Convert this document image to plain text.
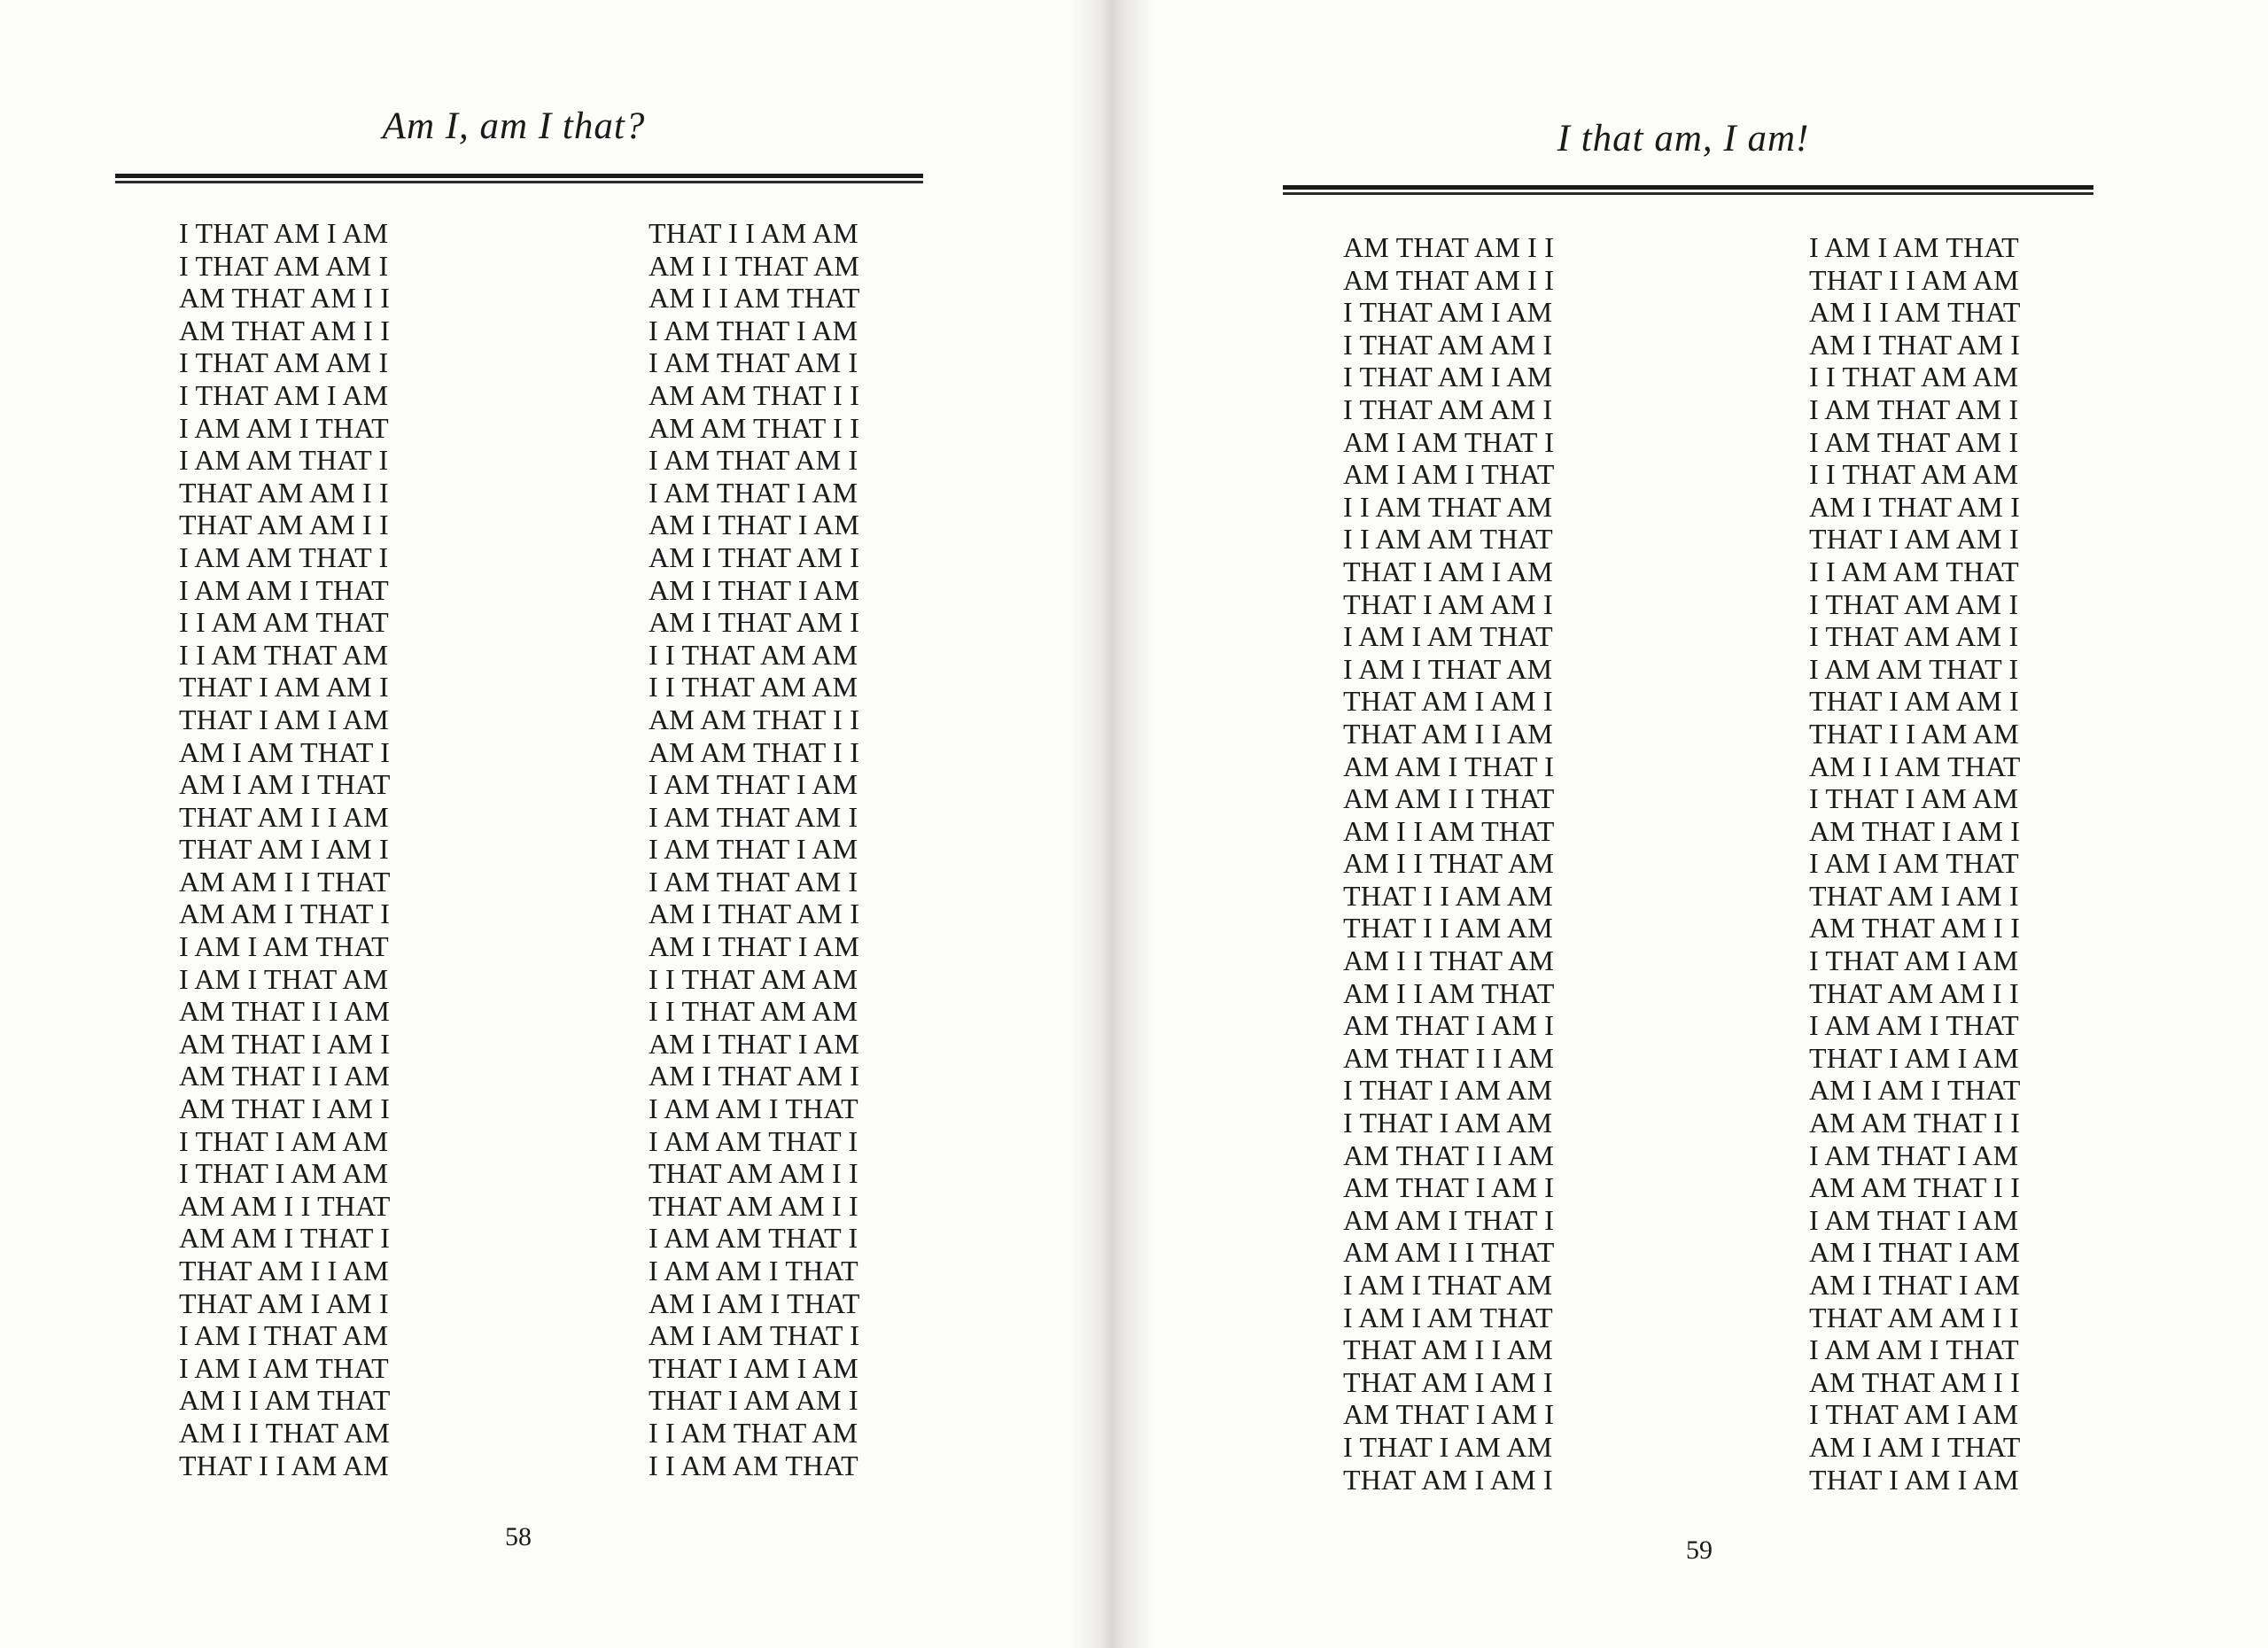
Am I, am I that?
I THAT AM I AM
I THAT AM AM I
AM THAT AM I I
AM THAT AM I I
I THAT AM AM I
I THAT AM I AM
I AM AM I THAT
I AM AM THAT I
THAT AM AM I I
THAT AM AM I I
I AM AM THAT I
I AM AM I THAT
I I AM AM THAT
I I AM THAT AM
THAT I AM AM I
THAT I AM I AM
AM I AM THAT I
AM I AM I THAT
THAT AM I I AM
THAT AM I AM I
AM AM I I THAT
AM AM I THAT I
I AM I AM THAT
I AM I THAT AM
AM THAT I I AM
AM THAT I AM I
AM THAT I I AM
AM THAT I AM I
I THAT I AM AM
I THAT I AM AM
AM AM I I THAT
AM AM I THAT I
THAT AM I I AM
THAT AM I AM I
I AM I THAT AM
I AM I AM THAT
AM I I AM THAT
AM I I THAT AM
THAT I I AM AM
THAT I I AM AM
AM I I THAT AM
AM I I AM THAT
I AM THAT I AM
I AM THAT AM I
AM AM THAT I I
AM AM THAT I I
I AM THAT AM I
I AM THAT I AM
AM I THAT I AM
AM I THAT AM I
AM I THAT I AM
AM I THAT AM I
I I THAT AM AM
I I THAT AM AM
AM AM THAT I I
AM AM THAT I I
I AM THAT I AM
I AM THAT AM I
I AM THAT I AM
I AM THAT AM I
AM I THAT AM I
AM I THAT I AM
I I THAT AM AM
I I THAT AM AM
AM I THAT I AM
AM I THAT AM I
I AM AM I THAT
I AM AM THAT I
THAT AM AM I I
THAT AM AM I I
I AM AM THAT I
I AM AM I THAT
AM I AM I THAT
AM I AM THAT I
THAT I AM I AM
THAT I AM AM I
I I AM THAT AM
I I AM AM THAT
58
I that am, I am!
AM THAT AM I I
AM THAT AM I I
I THAT AM I AM
I THAT AM AM I
I THAT AM I AM
I THAT AM AM I
AM I AM THAT I
AM I AM I THAT
I I AM THAT AM
I I AM AM THAT
THAT I AM I AM
THAT I AM AM I
I AM I AM THAT
I AM I THAT AM
THAT AM I AM I
THAT AM I I AM
AM AM I THAT I
AM AM I I THAT
AM I I AM THAT
AM I I THAT AM
THAT I I AM AM
THAT I I AM AM
AM I I THAT AM
AM I I AM THAT
AM THAT I AM I
AM THAT I I AM
I THAT I AM AM
I THAT I AM AM
AM THAT I I AM
AM THAT I AM I
AM AM I THAT I
AM AM I I THAT
I AM I THAT AM
I AM I AM THAT
THAT AM I I AM
THAT AM I AM I
AM THAT I AM I
I THAT I AM AM
THAT AM I AM I
I AM I AM THAT
THAT I I AM AM
AM I I AM THAT
AM I THAT AM I
I I THAT AM AM
I AM THAT AM I
I AM THAT AM I
I I THAT AM AM
AM I THAT AM I
THAT I AM AM I
I I AM AM THAT
I THAT AM AM I
I THAT AM AM I
I AM AM THAT I
THAT I AM AM I
THAT I I AM AM
AM I I AM THAT
I THAT I AM AM
AM THAT I AM I
I AM I AM THAT
THAT AM I AM I
AM THAT AM I I
I THAT AM I AM
THAT AM AM I I
I AM AM I THAT
THAT I AM I AM
AM I AM I THAT
AM AM THAT I I
I AM THAT I AM
AM AM THAT I I
I AM THAT I AM
AM I THAT I AM
AM I THAT I AM
THAT AM AM I I
I AM AM I THAT
AM THAT AM I I
I THAT AM I AM
AM I AM I THAT
THAT I AM I AM
59
